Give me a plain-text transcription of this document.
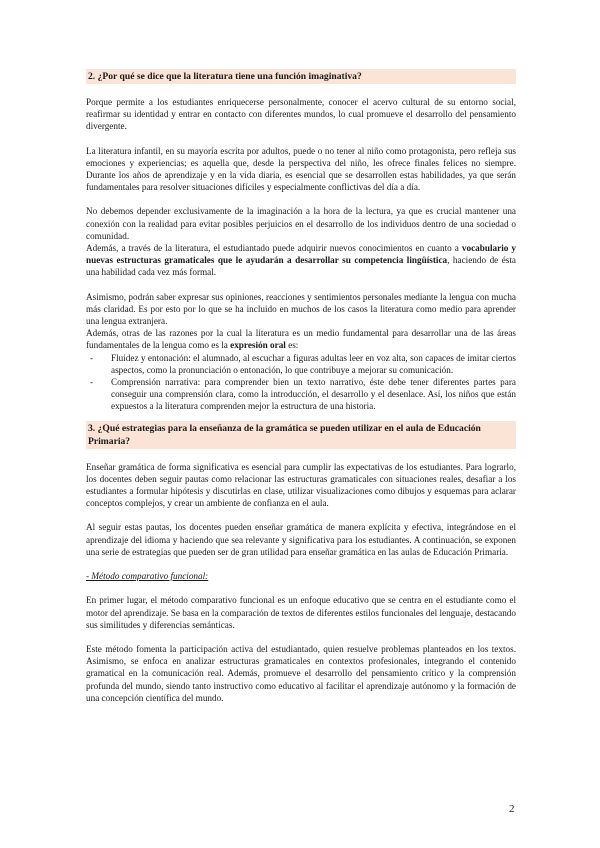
2. ¿Por qué se dice que la literatura tiene una función imaginativa?

Porque permite a los estudiantes enriquecerse personalmente, conocer el acervo cultural de su entorno social, reafirmar su identidad y entrar en contacto con diferentes mundos, lo cual promueve el desarrollo del pensamiento divergente.

La literatura infantil, en su mayoría escrita por adultos, puede o no tener al niño como protagonista, pero refleja sus emociones y experiencias; es aquella que, desde la perspectiva del niño, les ofrece finales felices no siempre. Durante los años de aprendizaje y en la vida diaria, es esencial que se desarrollen estas habilidades, ya que serán fundamentales para resolver situaciones difíciles y especialmente conflictivas del día a día.

No debemos depender exclusivamente de la imaginación a la hora de la lectura, ya que es crucial mantener una conexión con la realidad para evitar posibles perjuicios en el desarrollo de los individuos dentro de una sociedad o comunidad.

Además, a través de la literatura, el estudiantado puede adquirir nuevos conocimientos en cuanto a vocabulario y nuevas estructuras gramaticales que le ayudarán a desarrollar su competencia lingüística, haciendo de ésta una habilidad cada vez más formal.

Asimismo, podrán saber expresar sus opiniones, reacciones y sentimientos personales mediante la lengua con mucha más claridad. Es por esto por lo que se ha incluido en muchos de los casos la literatura como medio para aprender una lengua extranjera.

Además, otras de las razones por la cual la literatura es un medio fundamental para desarrollar una de las áreas fundamentales de la lengua como es la expresión oral es:

- Fluidez y entonación: el alumnado, al escuchar a figuras adultas leer en voz alta, son capaces de imitar ciertos aspectos, como la pronunciación o entonación, lo que contribuye a mejorar su comunicación.
- Comprensión narrativa: para comprender bien un texto narrativo, éste debe tener diferentes partes para conseguir una comprensión clara, como la introducción, el desarrollo y el desenlace. Así, los niños que están expuestos a la literatura comprenden mejor la estructura de una historia.
3. ¿Qué estrategias para la enseñanza de la gramática se pueden utilizar en el aula de Educación Primaria?

Enseñar gramática de forma significativa es esencial para cumplir las expectativas de los estudiantes. Para lograrlo, los docentes deben seguir pautas como relacionar las estructuras gramaticales con situaciones reales, desafiar a los estudiantes a formular hipótesis y discutirlas en clase, utilizar visualizaciones como dibujos y esquemas para aclarar conceptos complejos, y crear un ambiente de confianza en el aula.

Al seguir estas pautas, los docentes pueden enseñar gramática de manera explícita y efectiva, integrándose en el aprendizaje del idioma y haciendo que sea relevante y significativa para los estudiantes. A continuación, se exponen una serie de estrategias que pueden ser de gran utilidad para enseñar gramática en las aulas de Educación Primaria.

- Método comparativo funcional:

En primer lugar, el método comparativo funcional es un enfoque educativo que se centra en el estudiante como el motor del aprendizaje. Se basa en la comparación de textos de diferentes estilos funcionales del lenguaje, destacando sus similitudes y diferencias semánticas.

Este método fomenta la participación activa del estudiantado, quien resuelve problemas planteados en los textos. Asimismo, se enfoca en analizar estructuras gramaticales en contextos profesionales, integrando el contenido gramatical en la comunicación real. Además, promueve el desarrollo del pensamiento crítico y la comprensión profunda del mundo, siendo tanto instructivo como educativo al facilitar el aprendizaje autónomo y la formación de una concepción científica del mundo.

2
